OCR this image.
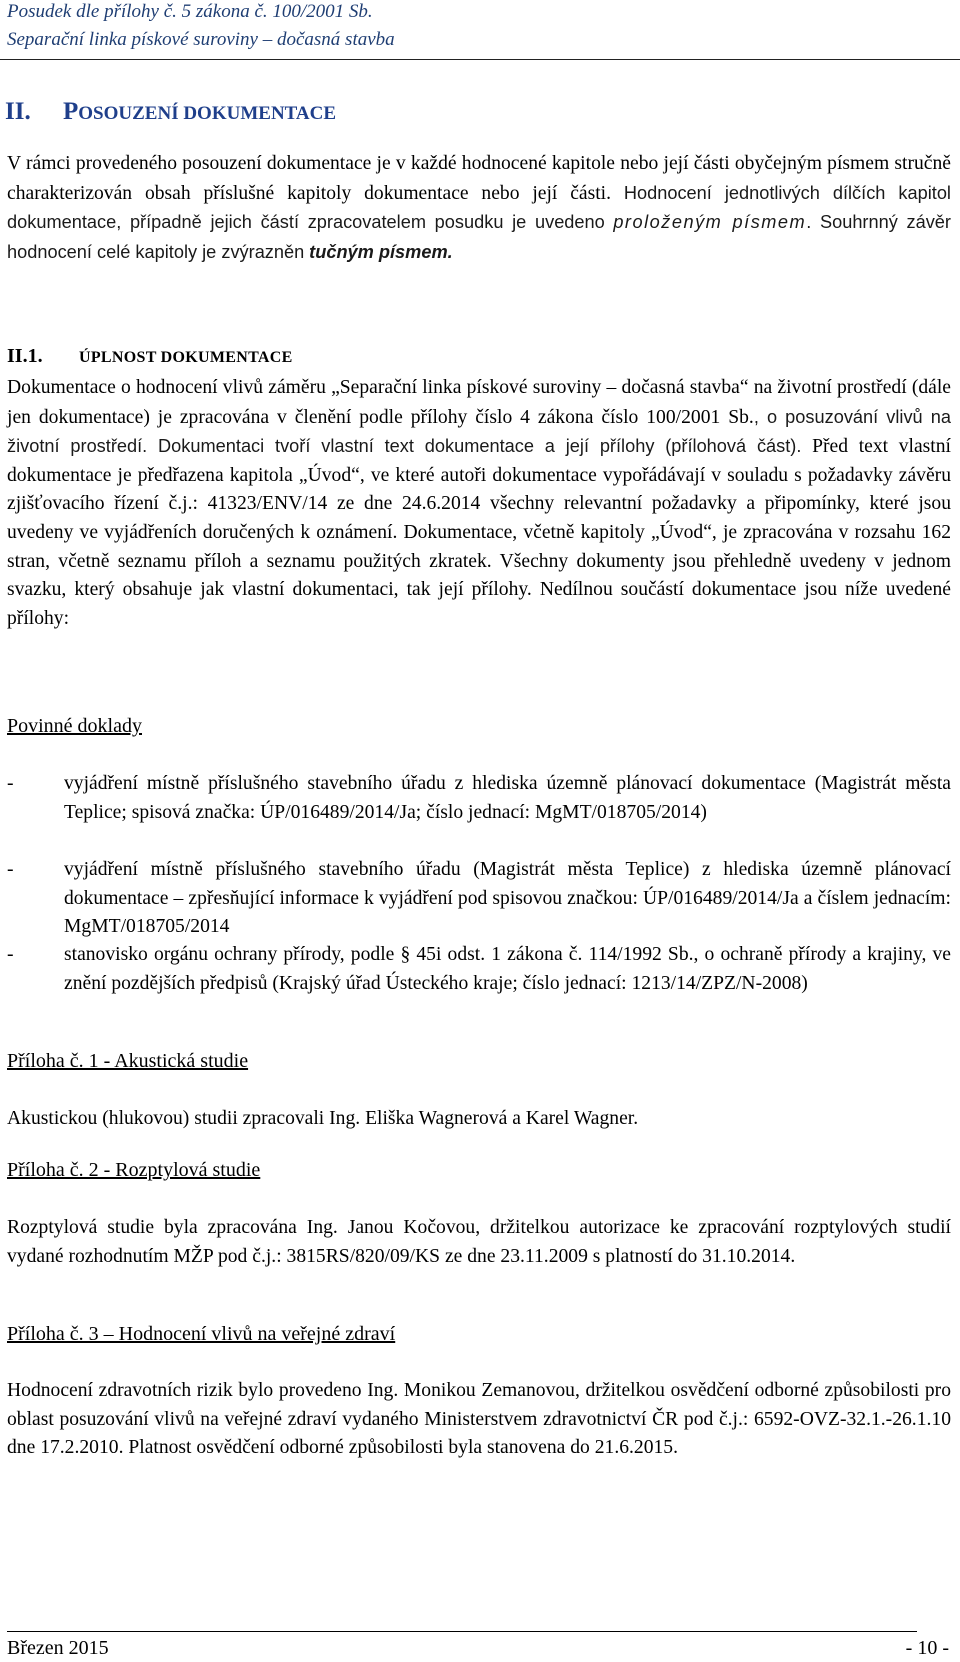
Posudek dle přílohy č. 5 zákona č. 100/2001 Sb.
Separační linka pískové suroviny – dočasná stavba
II. POSOUZENÍ DOKUMENTACE

V rámci provedeného posouzení dokumentace je v každé hodnocené kapitole nebo její části obyčejným písmem stručně charakterizován obsah příslušné kapitoly dokumentace nebo její části. Hodnocení jednotlivých dílčích kapitol dokumentace, případně jejich částí zpracovatelem posudku je uvedeno proloženým písmem. Souhrnný závěr hodnocení celé kapitoly je zvýrazněn tučným písmem.

II.1. ÚPLNOST DOKUMENTACE

Dokumentace o hodnocení vlivů záměru „Separační linka pískové suroviny – dočasná stavba“ na životní prostředí (dále jen dokumentace) je zpracována v členění podle přílohy číslo 4 zákona číslo 100/2001 Sb., o posuzování vlivů na životní prostředí. Dokumentaci tvoří vlastní text dokumentace a její přílohy (přílohová část). Před text vlastní dokumentace je předřazena kapitola „Úvod“, ve které autoři dokumentace vypořádávají v souladu s požadavky závěru zjišťovacího řízení č.j.: 41323/ENV/14 ze dne 24.6.2014 všechny relevantní požadavky a připomínky, které jsou uvedeny ve vyjádřeních doručených k oznámení. Dokumentace, včetně kapitoly „Úvod“, je zpracována v rozsahu 162 stran, včetně seznamu příloh a seznamu použitých zkratek. Všechny dokumenty jsou přehledně uvedeny v jednom svazku, který obsahuje jak vlastní dokumentaci, tak její přílohy. Nedílnou součástí dokumentace jsou níže uvedené přílohy:

Povinné doklady
-	vyjádření místně příslušného stavebního úřadu z hlediska územně plánovací dokumentace (Magistrát města Teplice; spisová značka: ÚP/016489/2014/Ja; číslo jednací: MgMT/018705/2014)
-	vyjádření místně příslušného stavebního úřadu (Magistrát města Teplice) z hlediska územně plánovací dokumentace – zpřesňující informace k vyjádření pod spisovou značkou: ÚP/016489/2014/Ja a číslem jednacím: MgMT/018705/2014
-	stanovisko orgánu ochrany přírody, podle § 45i odst. 1 zákona č. 114/1992 Sb., o ochraně přírody a krajiny, ve znění pozdějších předpisů (Krajský úřad Ústeckého kraje; číslo jednací: 1213/14/ZPZ/N-2008)
Příloha č. 1 - Akustická studie

Akustickou (hlukovou) studii zpracovali Ing. Eliška Wagnerová a Karel Wagner.

Příloha č. 2 - Rozptylová studie

Rozptylová studie byla zpracována Ing. Janou Kočovou, držitelkou autorizace ke zpracování rozptylových studií vydané rozhodnutím MŽP pod č.j.: 3815RS/820/09/KS ze dne 23.11.2009 s platností do 31.10.2014.

Příloha č. 3 – Hodnocení vlivů na veřejné zdraví

Hodnocení zdravotních rizik bylo provedeno Ing. Monikou Zemanovou, držitelkou osvědčení odborné způsobilosti pro oblast posuzování vlivů na veřejné zdraví vydaného Ministerstvem zdravotnictví ČR pod č.j.: 6592-OVZ-32.1.-26.1.10 dne 17.2.2010. Platnost osvědčení odborné způsobilosti byla stanovena do 21.6.2015.

Březen 2015	- 10 -
